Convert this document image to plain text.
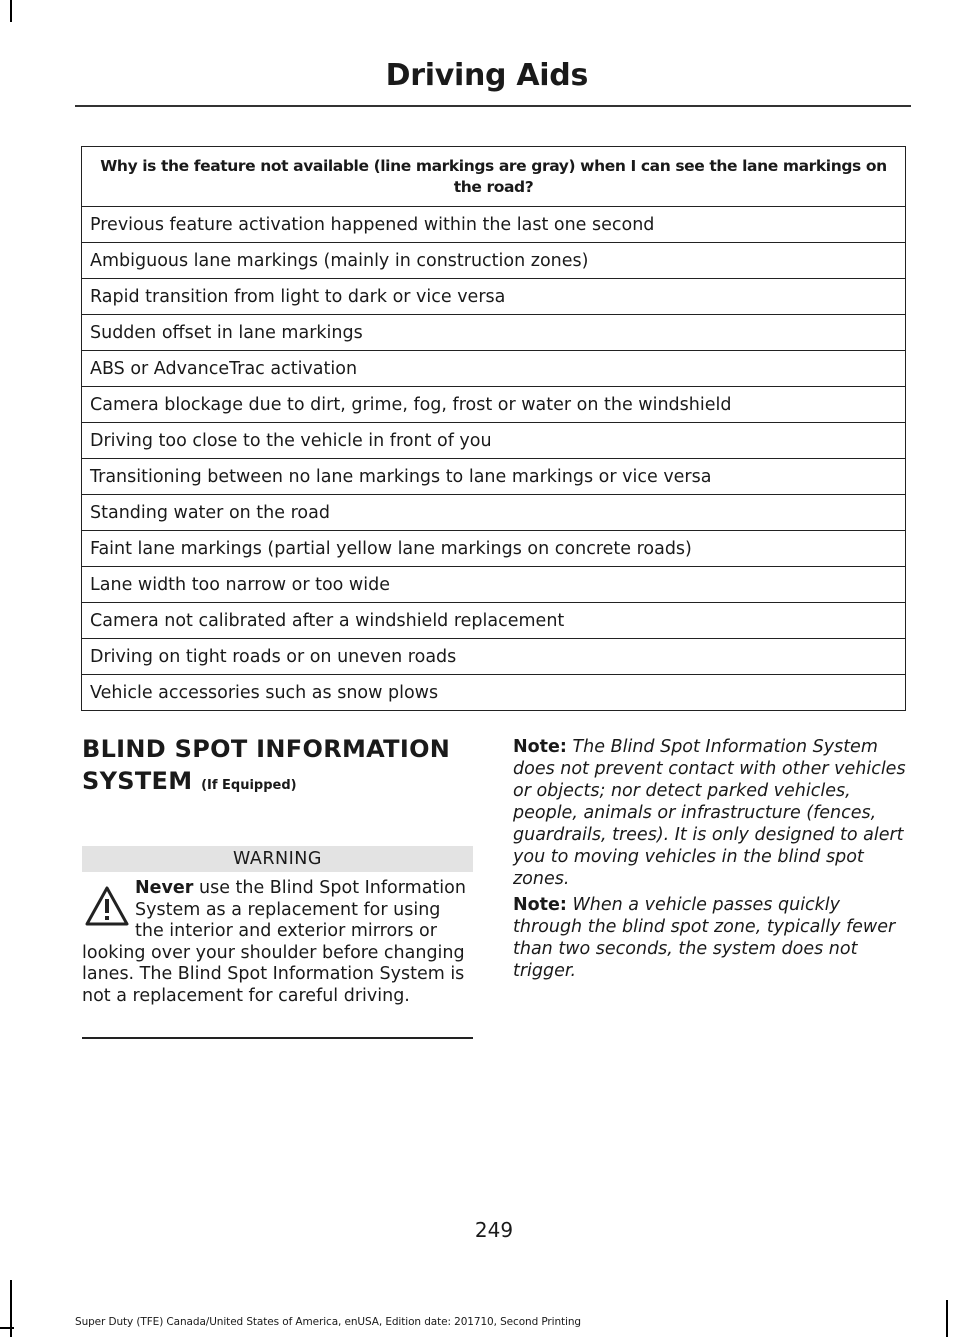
Driving Aids
Why is the feature not available (line markings are gray) when I can see the lane markings on the road?
Previous feature activation happened within the last one second
Ambiguous lane markings (mainly in construction zones)
Rapid transition from light to dark or vice versa
Sudden offset in lane markings
ABS or AdvanceTrac activation
Camera blockage due to dirt, grime, fog, frost or water on the windshield
Driving too close to the vehicle in front of you
Transitioning between no lane markings to lane markings or vice versa
Standing water on the road
Faint lane markings (partial yellow lane markings on concrete roads)
Lane width too narrow or too wide
Camera not calibrated after a windshield replacement
Driving on tight roads or on uneven roads
Vehicle accessories such as snow plows
BLIND SPOT INFORMATION
SYSTEM (If Equipped)
WARNING
Never use the Blind Spot Information System as a replacement for using the interior and exterior mirrors or looking over your shoulder before changing lanes. The Blind Spot Information System is not a replacement for careful driving.
Note: The Blind Spot Information System does not prevent contact with other vehicles or objects; nor detect parked vehicles, people, animals or infrastructure (fences, guardrails, trees). It is only designed to alert you to moving vehicles in the blind spot zones.
Note: When a vehicle passes quickly through the blind spot zone, typically fewer than two seconds, the system does not trigger.
249
Super Duty (TFE) Canada/United States of America, enUSA, Edition date: 201710, Second Printing
